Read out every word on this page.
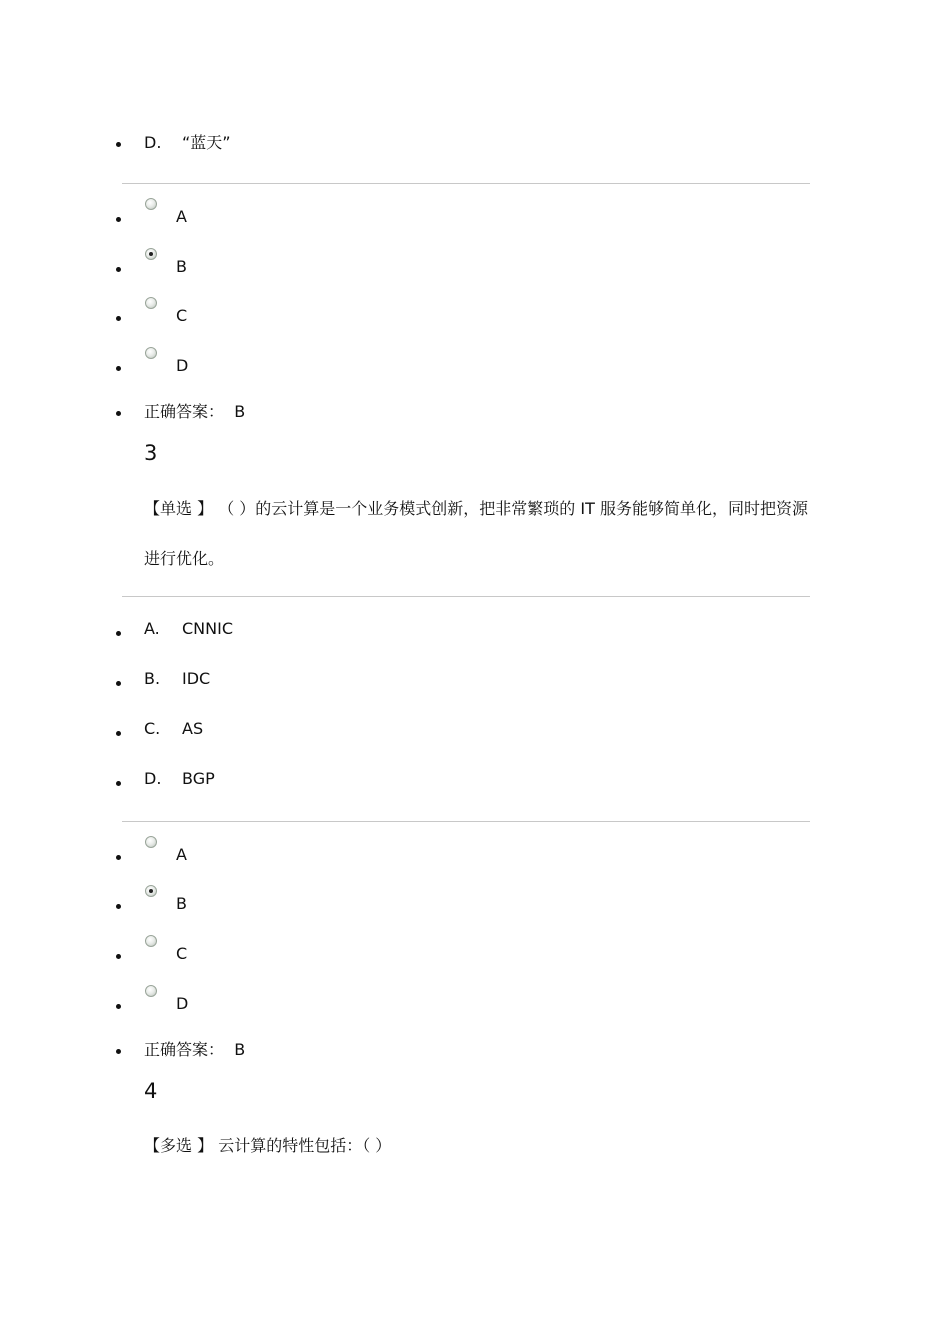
D. “蓝天”
A
B
C
D
正确答案： B
3
【单选 】 （ ）的云计算是一个业务模式创新，把非常繁琐的 IT 服务能够简单化，同时把资源进行优化。
A. CNNIC
B. IDC
C. AS
D. BGP
A
B
C
D
正确答案： B
4
【多选 】 云计算的特性包括：（ ）
